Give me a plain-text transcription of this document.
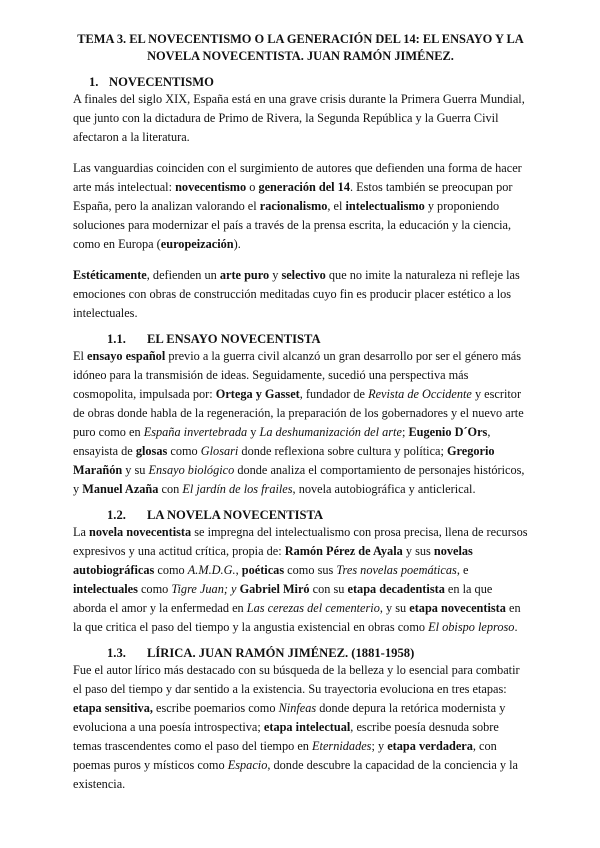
TEMA 3. EL NOVECENTISMO O LA GENERACIÓN DEL 14: EL ENSAYO Y LA NOVELA NOVECENTISTA. JUAN RAMÓN JIMÉNEZ.
1. NOVECENTISMO

A finales del siglo XIX, España está en una grave crisis durante la Primera Guerra Mundial, que junto con la dictadura de Primo de Rivera, la Segunda República y la Guerra Civil afectaron a la literatura.

Las vanguardias coinciden con el surgimiento de autores que defienden una forma de hacer arte más intelectual: novecentismo o generación del 14. Estos también se preocupan por España, pero la analizan valorando el racionalismo, el intelectualismo y proponiendo soluciones para modernizar el país a través de la prensa escrita, la educación y la ciencia, como en Europa (europeización).

Estéticamente, defienden un arte puro y selectivo que no imite la naturaleza ni refleje las emociones con obras de construcción meditadas cuyo fin es producir placer estético a los intelectuales.

1.1. EL ENSAYO NOVECENTISTA

El ensayo español previo a la guerra civil alcanzó un gran desarrollo por ser el género más idóneo para la transmisión de ideas. Seguidamente, sucedió una perspectiva más cosmopolita, impulsada por: Ortega y Gasset, fundador de Revista de Occidente y escritor de obras donde habla de la regeneración, la preparación de los gobernadores y el nuevo arte puro como en España invertebrada y La deshumanización del arte; Eugenio D´Ors, ensayista de glosas como Glosari donde reflexiona sobre cultura y política; Gregorio Marañón y su Ensayo biológico donde analiza el comportamiento de personajes históricos, y Manuel Azaña con El jardín de los frailes, novela autobiográfica y anticlerical.

1.2. LA NOVELA NOVECENTISTA

La novela novecentista se impregna del intelectualismo con prosa precisa, llena de recursos expresivos y una actitud crítica, propia de: Ramón Pérez de Ayala y sus novelas autobiográficas como A.M.D.G., poéticas como sus Tres novelas poemáticas, e intelectuales como Tigre Juan; y Gabriel Miró con su etapa decadentista en la que aborda el amor y la enfermedad en Las cerezas del cementerio, y su etapa novecentista en la que critica el paso del tiempo y la angustia existencial en obras como El obispo leproso.

1.3. LÍRICA. JUAN RAMÓN JIMÉNEZ. (1881-1958)

Fue el autor lírico más destacado con su búsqueda de la belleza y lo esencial para combatir el paso del tiempo y dar sentido a la existencia. Su trayectoria evoluciona en tres etapas: etapa sensitiva, escribe poemarios como Ninfeas donde depura la retórica modernista y evoluciona a una poesía introspectiva; etapa intelectual, escribe poesía desnuda sobre temas trascendentes como el paso del tiempo en Eternidades; y etapa verdadera, con poemas puros y místicos como Espacio, donde descubre la capacidad de la conciencia y la existencia.
